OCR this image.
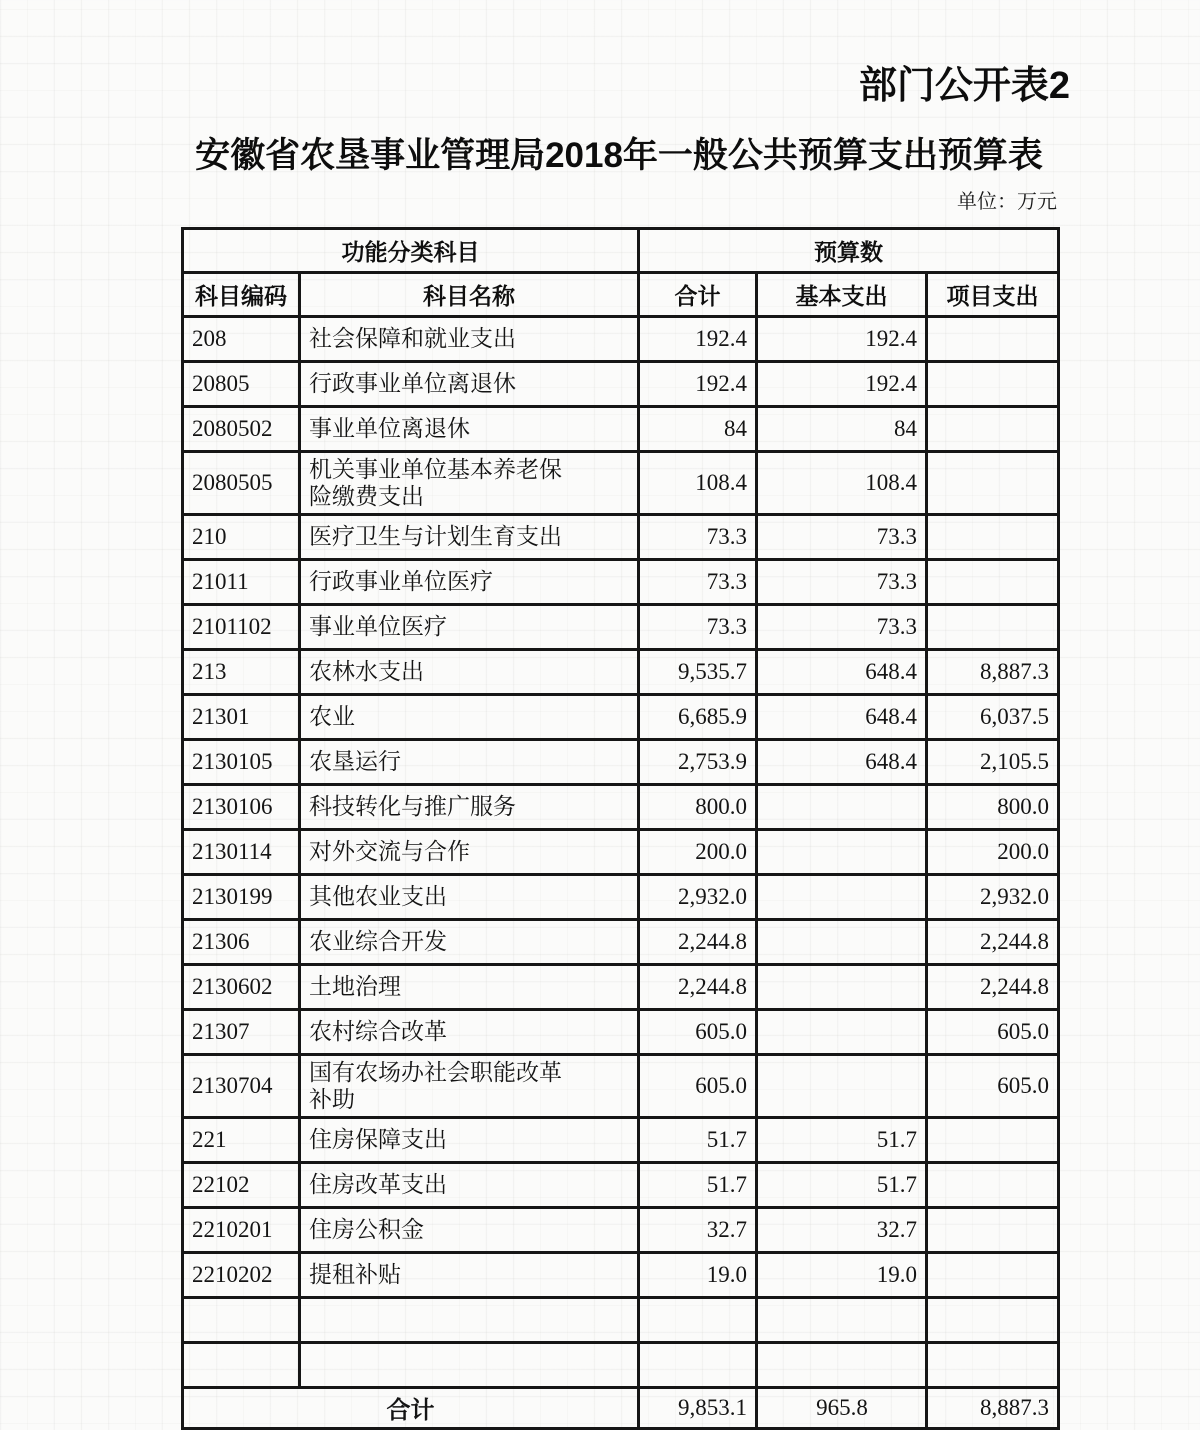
部门公开表2
安徽省农垦事业管理局2018年一般公共预算支出预算表
单位：万元
功能分类科目		预算数		
科目编码	科目名称	合计	基本支出	项目支出
208	社会保障和就业支出	192.4	192.4	
20805	行政事业单位离退休	192.4	192.4	
2080502	事业单位离退休	84	84	
2080505	机关事业单位基本养老保
险缴费支出	108.4	108.4	
210	医疗卫生与计划生育支出	73.3	73.3	
21011	行政事业单位医疗	73.3	73.3	
2101102	事业单位医疗	73.3	73.3	
213	农林水支出	9,535.7	648.4	8,887.3
21301	农业	6,685.9	648.4	6,037.5
2130105	农垦运行	2,753.9	648.4	2,105.5
2130106	科技转化与推广服务	800.0		800.0
2130114	对外交流与合作	200.0		200.0
2130199	其他农业支出	2,932.0		2,932.0
21306	农业综合开发	2,244.8		2,244.8
2130602	土地治理	2,244.8		2,244.8
21307	农村综合改革	605.0		605.0
2130704	国有农场办社会职能改革
补助	605.0		605.0
221	住房保障支出	51.7	51.7	
22102	住房改革支出	51.7	51.7	
2210201	住房公积金	32.7	32.7	
2210202	提租补贴	19.0	19.0	

合计		9,853.1	965.8	8,887.3
